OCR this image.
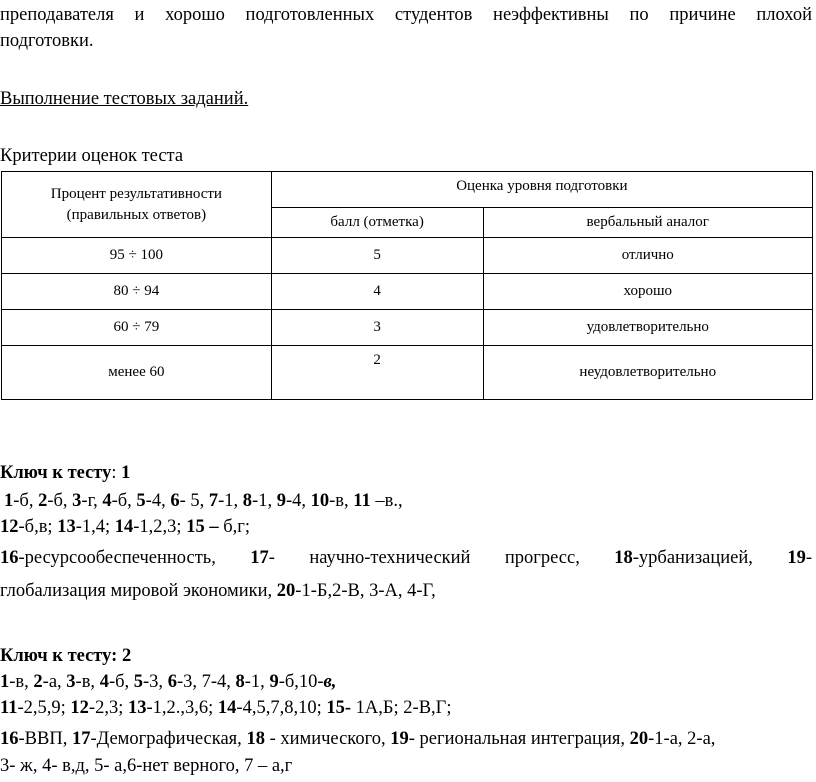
преподавателя и хорошо подготовленных студентов неэффективны по причине плохой
подготовки.
Выполнение тестовых заданий.
Критерии оценок теста
Процент результативности
(правильных ответов)	Оценка уровня подготовки	
	балл (отметка)	вербальный аналог
95 ÷ 100	5	отлично
80 ÷ 94	4	хорошо
60 ÷ 79	3	удовлетворительно
менее 60	2	неудовлетворительно
Ключ к тесту: 1
1-б, 2-б, 3-г, 4-б, 5-4, 6- 5, 7-1, 8-1, 9-4, 10-в, 11 –в.,
12-б,в; 13-1,4; 14-1,2,3; 15 – б,г;
16-ресурсообеспеченность, 17- научно-технический прогресс, 18-урбанизацией, 19-
глобализация мировой экономики, 20-1-Б,2-В, 3-А, 4-Г,
Ключ к тесту: 2
1-в, 2-а, 3-в, 4-б, 5-3, 6-3, 7-4, 8-1, 9-б,10-в,
11-2,5,9; 12-2,3; 13-1,2.,3,6; 14-4,5,7,8,10; 15- 1А,Б; 2-В,Г;
16-ВВП, 17-Демографическая, 18 - химического, 19- региональная интеграция, 20-1-а, 2-а,
3- ж, 4- в,д, 5- а,6-нет верного, 7 – а,г
